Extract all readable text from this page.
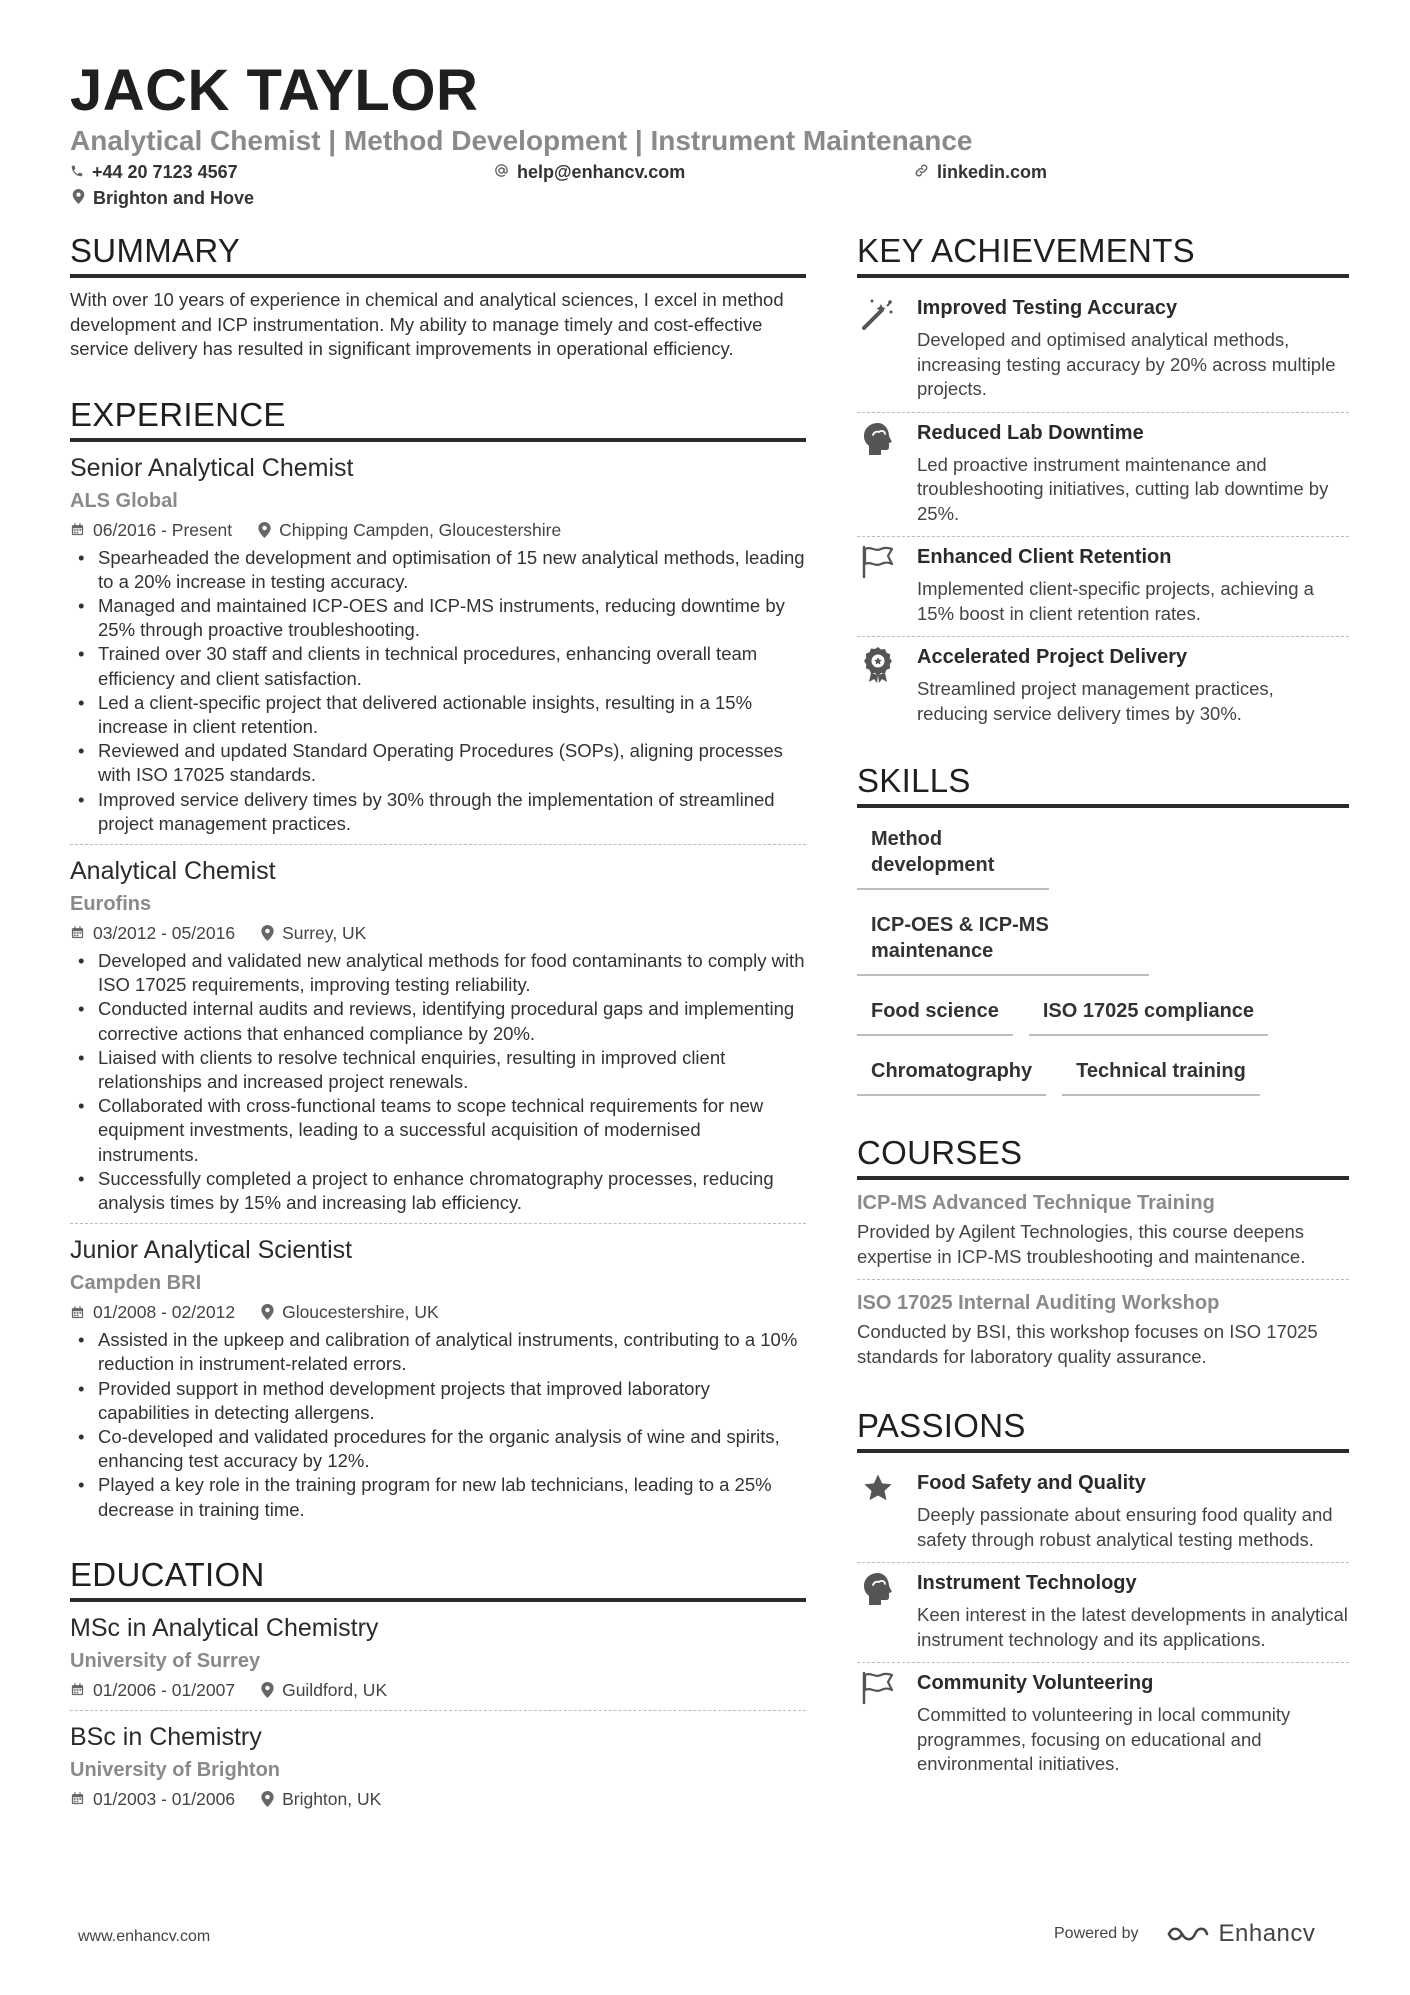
JACK TAYLOR
Analytical Chemist | Method Development | Instrument Maintenance
+44 20 7123 4567	help@enhancv.com	linkedin.com
Brighton and Hove
SUMMARY
With over 10 years of experience in chemical and analytical sciences, I excel in method development and ICP instrumentation. My ability to manage timely and cost-effective service delivery has resulted in significant improvements in operational efficiency.
EXPERIENCE
Senior Analytical Chemist
ALS Global
06/2016 - Present	Chipping Campden, Gloucestershire
• Spearheaded the development and optimisation of 15 new analytical methods, leading to a 20% increase in testing accuracy.
• Managed and maintained ICP-OES and ICP-MS instruments, reducing downtime by 25% through proactive troubleshooting.
• Trained over 30 staff and clients in technical procedures, enhancing overall team efficiency and client satisfaction.
• Led a client-specific project that delivered actionable insights, resulting in a 15% increase in client retention.
• Reviewed and updated Standard Operating Procedures (SOPs), aligning processes with ISO 17025 standards.
• Improved service delivery times by 30% through the implementation of streamlined project management practices.
Analytical Chemist
Eurofins
03/2012 - 05/2016	Surrey, UK
• Developed and validated new analytical methods for food contaminants to comply with ISO 17025 requirements, improving testing reliability.
• Conducted internal audits and reviews, identifying procedural gaps and implementing corrective actions that enhanced compliance by 20%.
• Liaised with clients to resolve technical enquiries, resulting in improved client relationships and increased project renewals.
• Collaborated with cross-functional teams to scope technical requirements for new equipment investments, leading to a successful acquisition of modernised instruments.
• Successfully completed a project to enhance chromatography processes, reducing analysis times by 15% and increasing lab efficiency.
Junior Analytical Scientist
Campden BRI
01/2008 - 02/2012	Gloucestershire, UK
• Assisted in the upkeep and calibration of analytical instruments, contributing to a 10% reduction in instrument-related errors.
• Provided support in method development projects that improved laboratory capabilities in detecting allergens.
• Co-developed and validated procedures for the organic analysis of wine and spirits, enhancing test accuracy by 12%.
• Played a key role in the training program for new lab technicians, leading to a 25% decrease in training time.
EDUCATION
MSc in Analytical Chemistry
University of Surrey
01/2006 - 01/2007	Guildford, UK
BSc in Chemistry
University of Brighton
01/2003 - 01/2006	Brighton, UK
KEY ACHIEVEMENTS
Improved Testing Accuracy
Developed and optimised analytical methods, increasing testing accuracy by 20% across multiple projects.
Reduced Lab Downtime
Led proactive instrument maintenance and troubleshooting initiatives, cutting lab downtime by 25%.
Enhanced Client Retention
Implemented client-specific projects, achieving a 15% boost in client retention rates.
Accelerated Project Delivery
Streamlined project management practices, reducing service delivery times by 30%.
SKILLS
Method development
ICP-OES & ICP-MS maintenance
Food science	ISO 17025 compliance
Chromatography	Technical training
COURSES
ICP-MS Advanced Technique Training
Provided by Agilent Technologies, this course deepens expertise in ICP-MS troubleshooting and maintenance.
ISO 17025 Internal Auditing Workshop
Conducted by BSI, this workshop focuses on ISO 17025 standards for laboratory quality assurance.
PASSIONS
Food Safety and Quality
Deeply passionate about ensuring food quality and safety through robust analytical testing methods.
Instrument Technology
Keen interest in the latest developments in analytical instrument technology and its applications.
Community Volunteering
Committed to volunteering in local community programmes, focusing on educational and environmental initiatives.
www.enhancv.com	Powered by	Enhancv
